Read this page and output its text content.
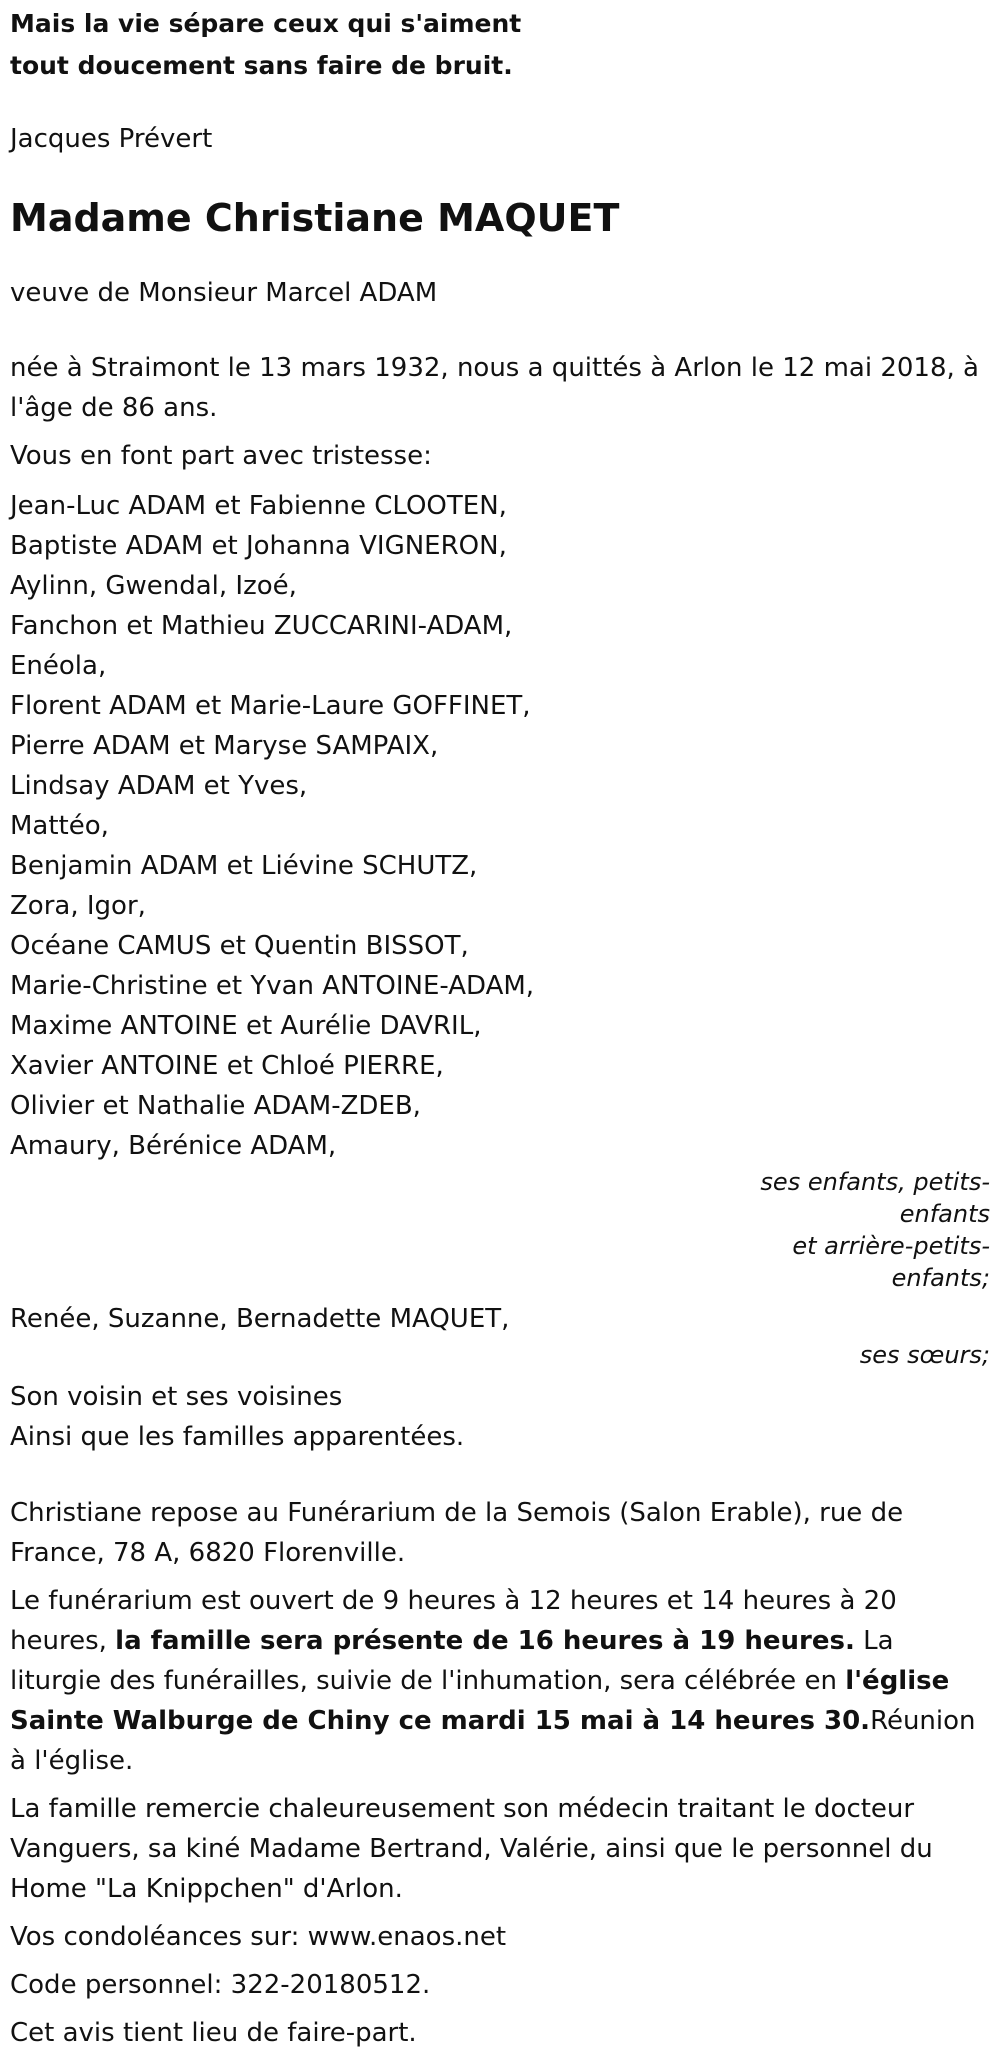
Mais la vie sépare ceux qui s'aiment
tout doucement sans faire de bruit.
Jacques Prévert
Madame Christiane MAQUET
veuve de Monsieur Marcel ADAM
née à Straimont le 13 mars 1932, nous a quittés à Arlon le 12 mai 2018, à l'âge de 86 ans.
Vous en font part avec tristesse:
Jean-Luc ADAM et Fabienne CLOOTEN,
Baptiste ADAM et Johanna VIGNERON,
Aylinn, Gwendal, Izoé,
Fanchon et Mathieu ZUCCARINI-ADAM,
Enéola,
Florent ADAM et Marie-Laure GOFFINET,
Pierre ADAM et Maryse SAMPAIX,
Lindsay ADAM et Yves,
Mattéo,
Benjamin ADAM et Liévine SCHUTZ,
Zora, Igor,
Océane CAMUS et Quentin BISSOT,
Marie-Christine et Yvan ANTOINE-ADAM,
Maxime ANTOINE et Aurélie DAVRIL,
Xavier ANTOINE et Chloé PIERRE,
Olivier et Nathalie ADAM-ZDEB,
Amaury, Bérénice ADAM,
ses enfants, petits-
enfants
et arrière-petits-
enfants;
Renée, Suzanne, Bernadette MAQUET,
ses sœurs;
Son voisin et ses voisines
Ainsi que les familles apparentées.
Christiane repose au Funérarium de la Semois (Salon Erable), rue de France, 78 A, 6820 Florenville.
Le funérarium est ouvert de 9 heures à 12 heures et 14 heures à 20 heures, la famille sera présente de 16 heures à 19 heures. La liturgie des funérailles, suivie de l'inhumation, sera célébrée en l'église Sainte Walburge de Chiny ce mardi 15 mai à 14 heures 30.Réunion à l'église.
La famille remercie chaleureusement son médecin traitant le docteur Vanguers, sa kiné Madame Bertrand, Valérie, ainsi que le personnel du Home "La Knippchen" d'Arlon.
Vos condoléances sur: www.enaos.net
Code personnel: 322-20180512.
Cet avis tient lieu de faire-part.
